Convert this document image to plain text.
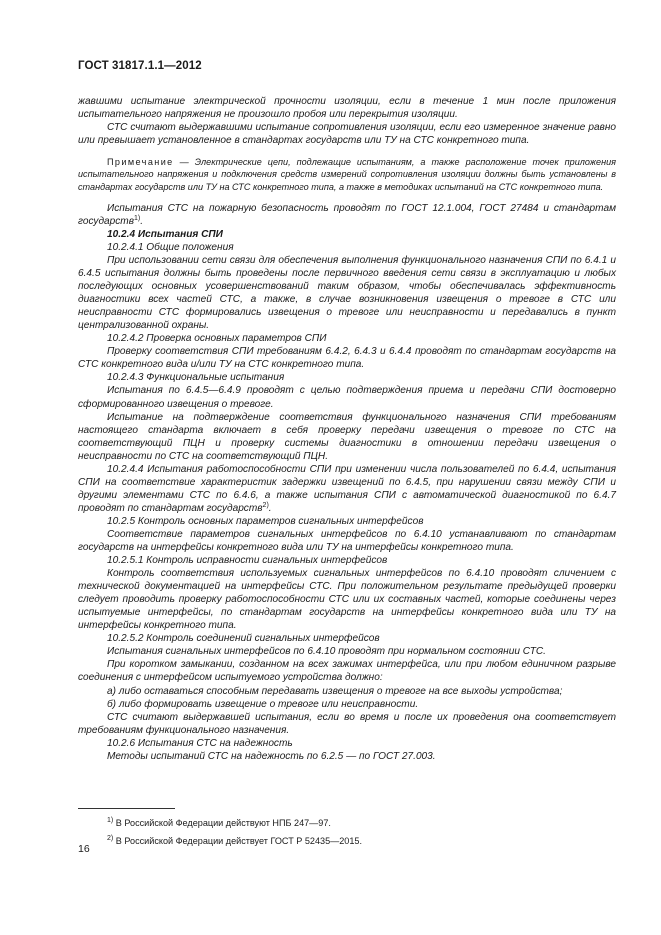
ГОСТ 31817.1.1—2012

жавшими испытание электрической прочности изоляции, если в течение 1 мин после приложения испытательного напряжения не произошло пробоя или перекрытия изоляции.

СТС считают выдержавшими испытание сопротивления изоляции, если его измеренное значение равно или превышает установленное в стандартах государств или ТУ на СТС конкретного типа.

Примечание — Электрические цепи, подлежащие испытаниям, а также расположение точек приложения испытательного напряжения и подключения средств измерений сопротивления изоляции должны быть установлены в стандартах государств или ТУ на СТС конкретного типа, а также в методиках испытаний на СТС конкретного типа.

Испытания СТС на пожарную безопасность проводят по ГОСТ 12.1.004, ГОСТ 27484 и стандартам государств$^{1)}$.

10.2.4 Испытания СПИ

10.2.4.1 Общие положения

При использовании сети связи для обеспечения выполнения функционального назначения СПИ по 6.4.1 и 6.4.5 испытания должны быть проведены после первичного введения сети связи в эксплуатацию и любых последующих основных усовершенствований таким образом, чтобы обеспечивалась эффективность диагностики всех частей СТС, а также, в случае возникновения извещения о тревоге в СТС или неисправности СТС формировались извещения о тревоге или неисправности и передавались в пункт централизованной охраны.

10.2.4.2 Проверка основных параметров СПИ

Проверку соответствия СПИ требованиям 6.4.2, 6.4.3 и 6.4.4 проводят по стандартам государств на СТС конкретного вида и/или ТУ на СТС конкретного типа.

10.2.4.3 Функциональные испытания

Испытания по 6.4.5—6.4.9 проводят с целью подтверждения приема и передачи СПИ достоверно сформированного извещения о тревоге.

Испытание на подтверждение соответствия функционального назначения СПИ требованиям настоящего стандарта включает в себя проверку передачи извещения о тревоге по СТС на соответствующий ПЦН и проверку системы диагностики в отношении передачи извещения о неисправности по СТС на соответствующий ПЦН.

10.2.4.4 Испытания работоспособности СПИ при изменении числа пользователей по 6.4.4, испытания СПИ на соответствие характеристик задержки извещений по 6.4.5, при нарушении связи между СПИ и другими элементами СТС по 6.4.6, а также испытания СПИ с автоматической диагностикой по 6.4.7 проводят по стандартам государств$^{2)}$.

10.2.5 Контроль основных параметров сигнальных интерфейсов

Соответствие параметров сигнальных интерфейсов по 6.4.10 устанавливают по стандартам государств на интерфейсы конкретного вида или ТУ на интерфейсы конкретного типа.

10.2.5.1 Контроль исправности сигнальных интерфейсов

Контроль соответствия используемых сигнальных интерфейсов по 6.4.10 проводят сличением с технической документацией на интерфейсы СТС. При положительном результате предыдущей проверки следует проводить проверку работоспособности СТС или их составных частей, которые соединены через испытуемые интерфейсы, по стандартам государств на интерфейсы конкретного вида или ТУ на интерфейсы конкретного типа.

10.2.5.2 Контроль соединений сигнальных интерфейсов

Испытания сигнальных интерфейсов по 6.4.10 проводят при нормальном состоянии СТС.

При коротком замыкании, созданном на всех зажимах интерфейса, или при любом единичном разрыве соединения с интерфейсом испытуемого устройства должно:

а) либо оставаться способным передавать извещения о тревоге на все выходы устройства;

б) либо формировать извещение о тревоге или неисправности.

СТС считают выдержавшей испытания, если во время и после их проведения она соответствует требованиям функционального назначения.

10.2.6 Испытания СТС на надежность

Методы испытаний СТС на надежность по 6.2.5 — по ГОСТ 27.003.

$^{1)}$ В Российской Федерации действуют НПБ 247—97.

$^{2)}$ В Российской Федерации действует ГОСТ Р 52435—2015.

16
